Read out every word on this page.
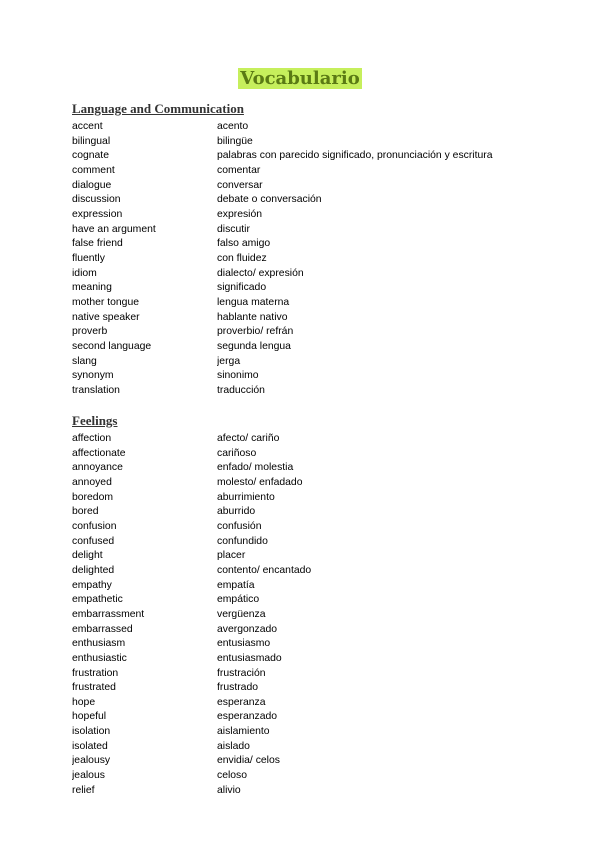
Vocabulario
Language and Communication
accent	acento
bilingual	bilingüe
cognate	palabras con parecido significado, pronunciación y escritura
comment	comentar
dialogue	conversar
discussion	debate o conversación
expression	expresión
have an argument	discutir
false friend	falso amigo
fluently	con fluidez
idiom	dialecto/ expresión
meaning	significado
mother tongue	lengua materna
native speaker	hablante nativo
proverb	proverbio/ refrán
second language	segunda lengua
slang	jerga
synonym	sinonimo
translation	traducción
Feelings
affection	afecto/ cariño
affectionate	cariñoso
annoyance	enfado/ molestia
annoyed	molesto/ enfadado
boredom	aburrimiento
bored	aburrido
confusion	confusión
confused	confundido
delight	placer
delighted	contento/ encantado
empathy	empatía
empathetic	empático
embarrassment	vergüenza
embarrassed	avergonzado
enthusiasm	entusiasmo
enthusiastic	entusiasmado
frustration	frustración
frustrated	frustrado
hope	esperanza
hopeful	esperanzado
isolation	aislamiento
isolated	aislado
jealousy	envidia/ celos
jealous	celoso
relief	alivio
